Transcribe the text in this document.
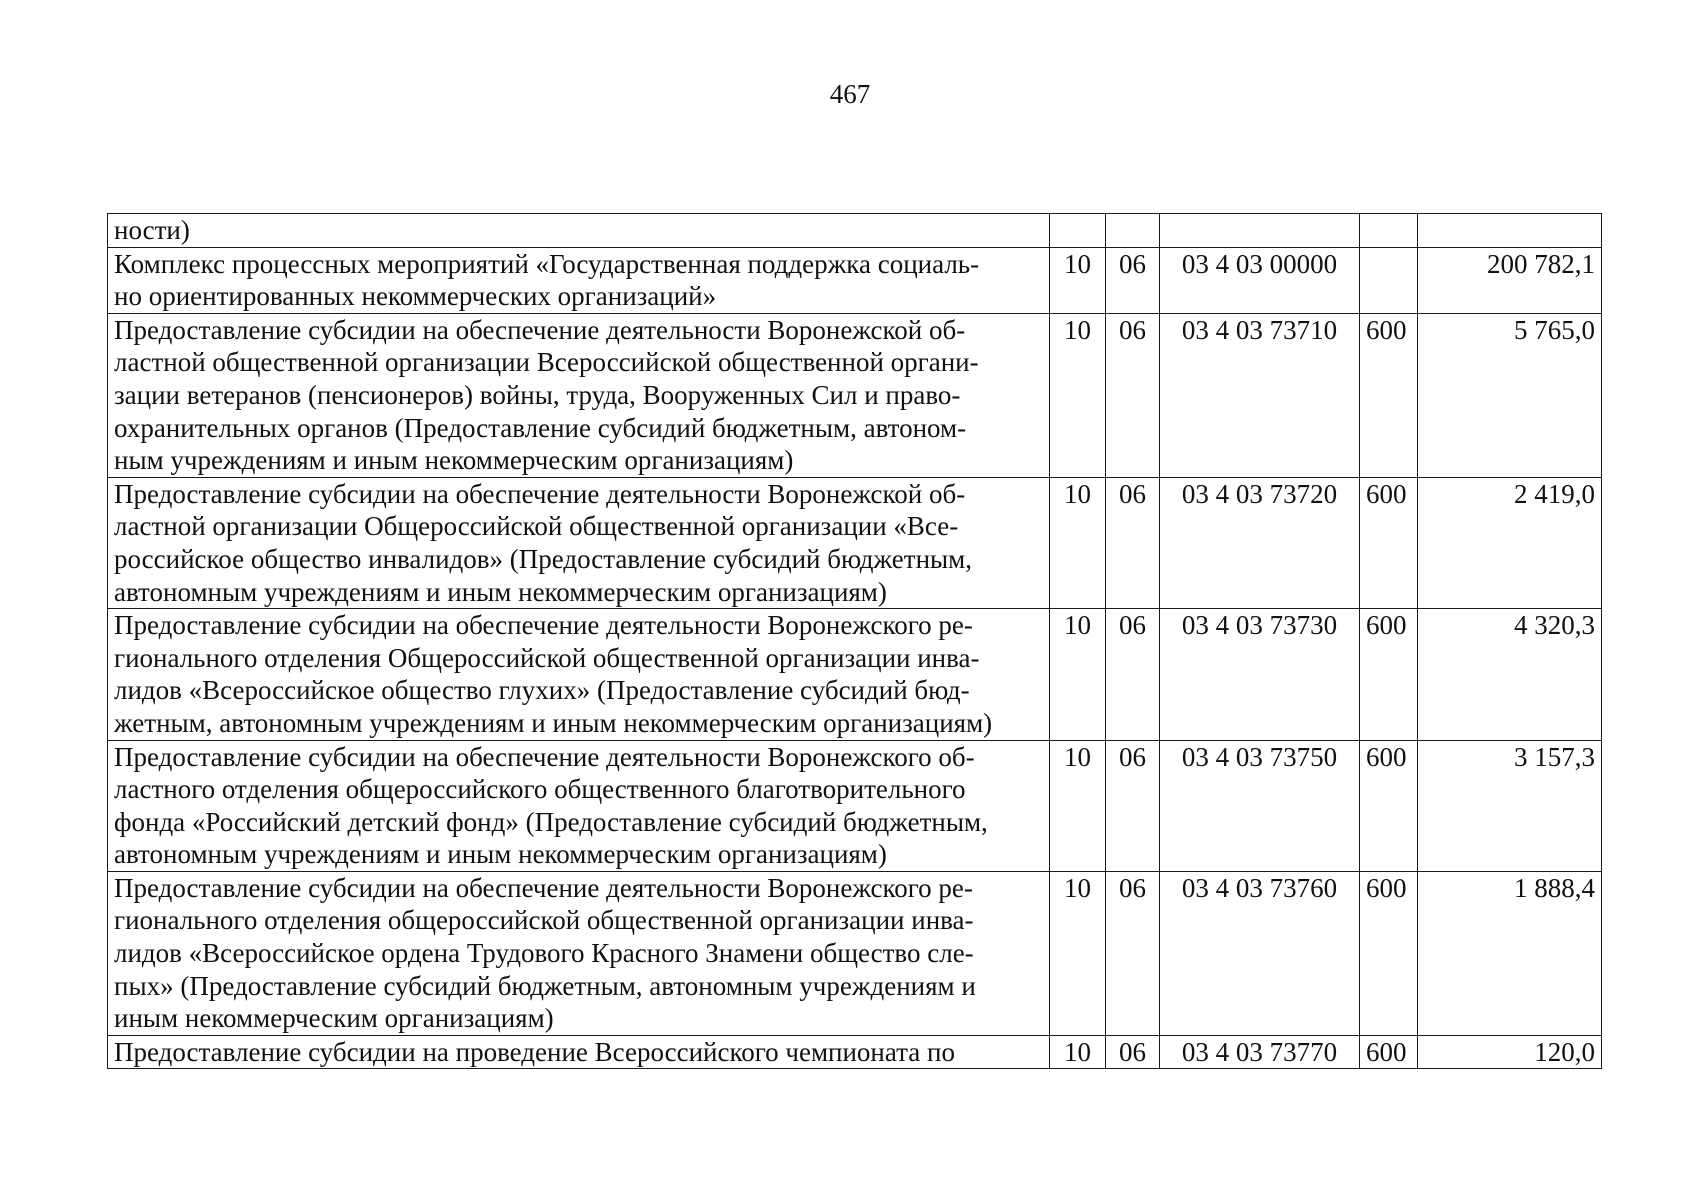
467
ности)					
Комплекс процессных мероприятий «Государственная поддержка социаль-
но ориентированных некоммерческих организаций»	10	06	03 4 03 00000		200 782,1
Предоставление субсидии на обеспечение деятельности Воронежской об-
ластной общественной организации Всероссийской общественной органи-
зации ветеранов (пенсионеров) войны, труда, Вооруженных Сил и право-
охранительных органов (Предоставление субсидий бюджетным, автоном-
ным учреждениям и иным некоммерческим организациям)	10	06	03 4 03 73710	600	5 765,0
Предоставление субсидии на обеспечение деятельности Воронежской об-
ластной организации Общероссийской общественной организации «Все-
российское общество инвалидов» (Предоставление субсидий бюджетным,
автономным учреждениям и иным некоммерческим организациям)	10	06	03 4 03 73720	600	2 419,0
Предоставление субсидии на обеспечение деятельности Воронежского ре-
гионального отделения Общероссийской общественной организации инва-
лидов «Всероссийское общество глухих» (Предоставление субсидий бюд-
жетным, автономным учреждениям и иным некоммерческим организациям)	10	06	03 4 03 73730	600	4 320,3
Предоставление субсидии на обеспечение деятельности Воронежского об-
ластного отделения общероссийского общественного благотворительного
фонда «Российский детский фонд» (Предоставление субсидий бюджетным,
автономным учреждениям и иным некоммерческим организациям)	10	06	03 4 03 73750	600	3 157,3
Предоставление субсидии на обеспечение деятельности Воронежского ре-
гионального отделения общероссийской общественной организации инва-
лидов «Всероссийское ордена Трудового Красного Знамени общество сле-
пых» (Предоставление субсидий бюджетным, автономным учреждениям и
иным некоммерческим организациям)	10	06	03 4 03 73760	600	1 888,4
Предоставление субсидии на проведение Всероссийского чемпионата по	10	06	03 4 03 73770	600	120,0
